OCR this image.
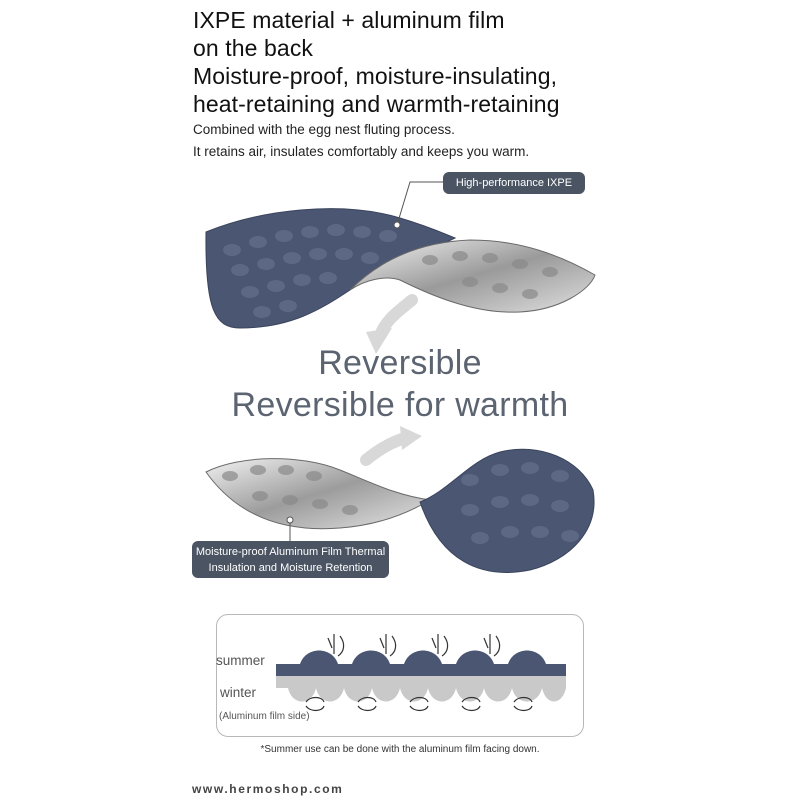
IXPE material + aluminum film
on the back
Moisture-proof, moisture-insulating,
heat-retaining and warmth-retaining
Combined with the egg nest fluting process.
It retains air, insulates comfortably and keeps you warm.
High-performance IXPE
Reversible
Reversible for warmth
Moisture-proof Aluminum Film Thermal
Insulation and Moisture Retention
summer
winter
(Aluminum film side)
*Summer use can be done with the aluminum film facing down.
www.hermoshop.com
